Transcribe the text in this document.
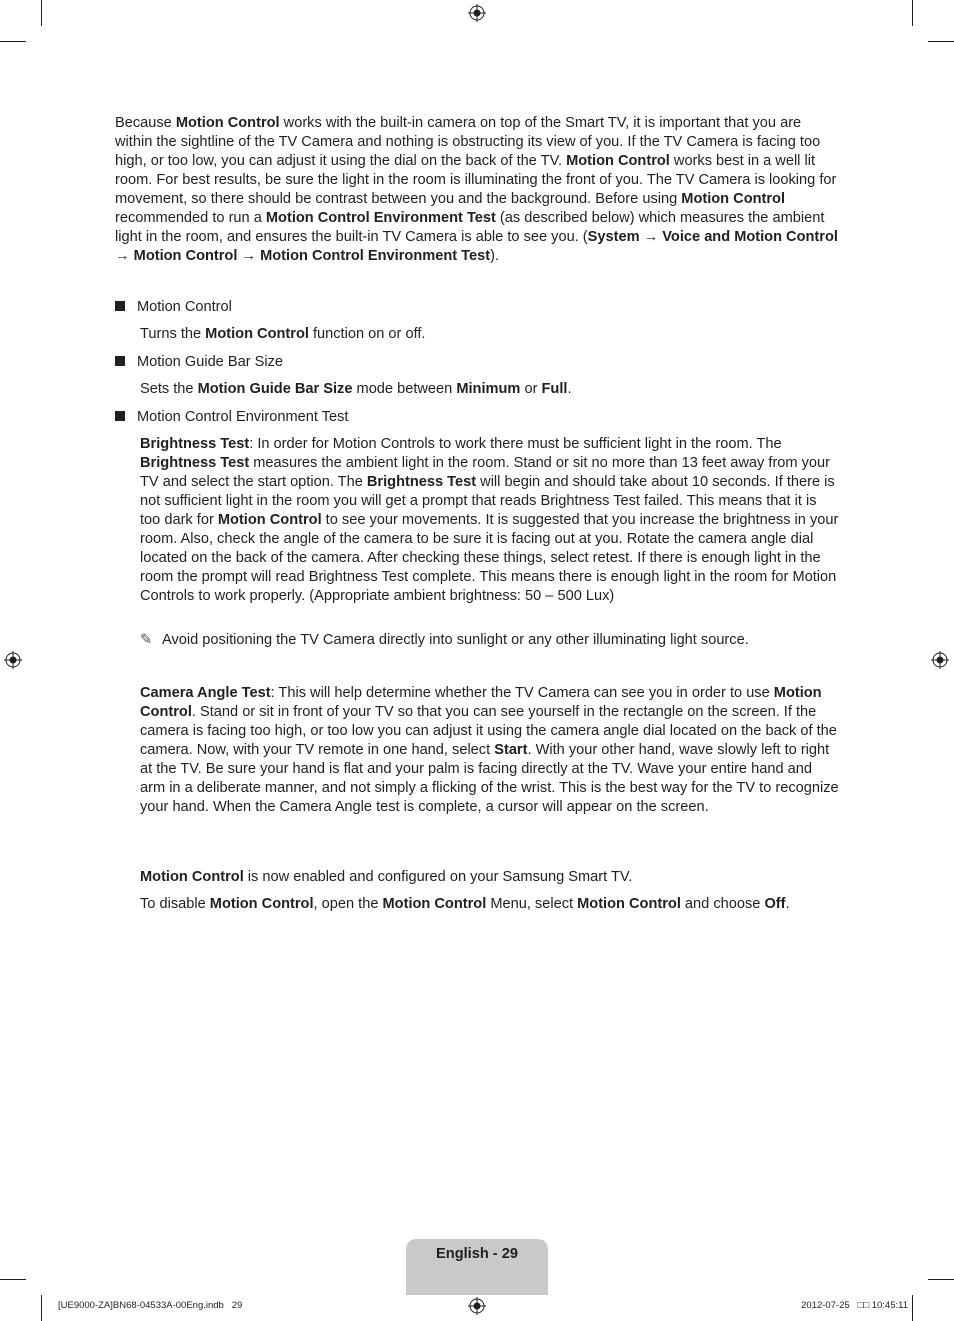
Because Motion Control works with the built-in camera on top of the Smart TV, it is important that you are within the sightline of the TV Camera and nothing is obstructing its view of you. If the TV Camera is facing too high, or too low, you can adjust it using the dial on the back of the TV. Motion Control works best in a well lit room. For best results, be sure the light in the room is illuminating the front of you. The TV Camera is looking for movement, so there should be contrast between you and the background. Before using Motion Control recommended to run a Motion Control Environment Test (as described below) which measures the ambient light in the room, and ensures the built-in TV Camera is able to see you. (System → Voice and Motion Control → Motion Control → Motion Control Environment Test).

Motion Control

Turns the Motion Control function on or off.

Motion Guide Bar Size

Sets the Motion Guide Bar Size mode between Minimum or Full.

Motion Control Environment Test

Brightness Test: In order for Motion Controls to work there must be sufficient light in the room. The Brightness Test measures the ambient light in the room. Stand or sit no more than 13 feet away from your TV and select the start option. The Brightness Test will begin and should take about 10 seconds. If there is not sufficient light in the room you will get a prompt that reads Brightness Test failed. This means that it is too dark for Motion Control to see your movements. It is suggested that you increase the brightness in your room. Also, check the angle of the camera to be sure it is facing out at you. Rotate the camera angle dial located on the back of the camera. After checking these things, select retest. If there is enough light in the room the prompt will read Brightness Test complete. This means there is enough light in the room for Motion Controls to work properly. (Appropriate ambient brightness: 50 – 500 Lux)

✎ Avoid positioning the TV Camera directly into sunlight or any other illuminating light source.

Camera Angle Test: This will help determine whether the TV Camera can see you in order to use Motion Control. Stand or sit in front of your TV so that you can see yourself in the rectangle on the screen. If the camera is facing too high, or too low you can adjust it using the camera angle dial located on the back of the camera. Now, with your TV remote in one hand, select Start. With your other hand, wave slowly left to right at the TV. Be sure your hand is flat and your palm is facing directly at the TV. Wave your entire hand and arm in a deliberate manner, and not simply a flicking of the wrist. This is the best way for the TV to recognize your hand. When the Camera Angle test is complete, a cursor will appear on the screen.

Motion Control is now enabled and configured on your Samsung Smart TV.

To disable Motion Control, open the Motion Control Menu, select Motion Control and choose Off.

English - 29
[UE9000-ZA]BN68-04533A-00Eng.indb   29	2012-07-25   □□ 10:45:11
